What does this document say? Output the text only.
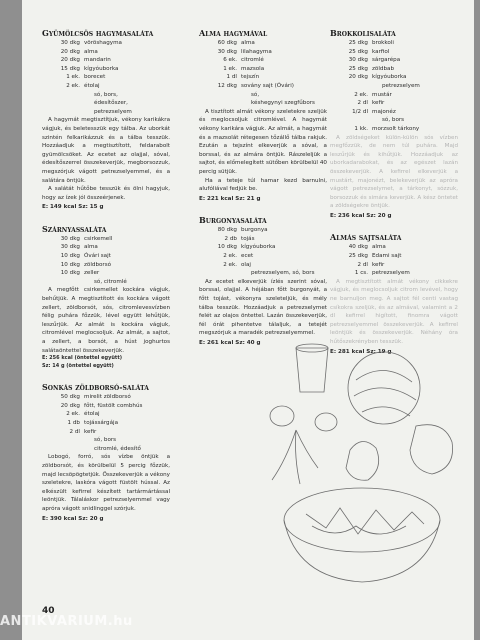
Gyümölcsös hagymasaláta
30 dkg vöröshagyma
20 dkg alma
20 dkg mandarin
15 dkg kígyóuborka
1 ek. borecet
2 ek. étolaj
só, bors,
édesítőszer,
petrezselyem

A hagymát megtisztítjuk, vékony karikákra vágjuk, és beletesszük egy tálba. Az uborkát szintén felkarikázzuk és a tálba tesszük. Hozzáadjuk a megtisztított, feldarabolt gyümölcsöket. Az ecetet az olajjal, sóval, édesítőszerrel összekeverjük, megborsozzuk, megszórjuk vágott petrezselyemmel, és a salátára öntjük.

A salátát hűtőbe tesszük és ölni hagyjuk, hogy az ízek jól összeérjenek.

E: 149 kcal Sz: 15 g
Szárnyassaláta
30 dkg csirkemell
30 dkg alma
10 dkg Óvári sajt
10 dkg zöldborsó
10 dkg zeller
só, citromlé

A megfőtt csirkemellet kockára vágjuk, behűtjük. A megtisztított és kockára vágott zellert, zöldborsót, sós, citromlevesvízben félig puhára főzzük, lével együtt lehűtjük, leszűrjük. Az almát is kockára vágjuk, citromlével meglocsoljuk. Az almát, a sajtot, a zellert, a borsót, a húst joghurtos salátaöntettel összekeverjük.

E: 256 kcal (öntettel együtt)
Sz: 14 g (öntettel együtt)
Sonkás zöldborsó-saláta
50 dkg mirelit zöldborsó
20 dkg főtt, füstölt combhús
2 ek. étolaj
1 db tojássárgája
2 dl kefir
só, bors
citromlé, édesítő

Lobogó, forró, sós vízbe öntjük a zöldborsót, és körülbelül 5 percig főzzük, majd lecsöpögtetjük. Összekeverjük a vékony szeletekre, laskóra vágott füstölt hússal. Az elkészült kefirrel készített tartármártással leöntjük. Tálaláskor petrezselyemmel vagy apróra vágott snidlinggel szórjuk.

E: 390 kcal Sz: 20 g
Alma hagymával
60 dkg alma
30 dkg lilahagyma
6 ek. citromlé
1 ek. mazsola
1 dl tejszín
12 dkg sovány sajt (Óvári)
só,
késhegynyi szegfűbors

A tisztított almát vékony szeletekre szeljük és meglocsoljuk citromlével. A hagymát vékony karikára vágjuk. Az almát, a hagymát és a mazsolát rétegesen tőzállő tálba rakjuk. Ezután a tejszínt elkeverjük a sóval, a borssal, és az almára öntjük. Rászeleljük a sajtot, és előmelegített sütőben körülbelül 40 percig sütjük.

Ha a teteje túl hamar kezd barnulni, alufóliával fedjük be.

E: 221 kcal Sz: 21 g
Burgonyasaláta
80 dkg burgonya
2 db tojás
10 dkg kígyóuborka
2 ek. ecet
2 ek. olaj
petrezselyem, só, bors

Az ecetet elkeverjük ízlés szerint sóval, borssal, olajjal. A héjában főtt burgonyát, a főtt tojást, vékonyra szeleteljük, és mély tálba tesszük. Hozzáadjuk a petrezselymet felét az olajos öntettel. Lazán összekeverjük, fél órát pihentetve tálaljuk, a tetejét megszórjuk a maradék petrezselyemmel.

E: 261 kcal Sz: 40 g
Brokkolisaláta
25 dkg brokkoli
25 dkg karfiol
30 dkg sárgarépa
25 dkg zöldbab
20 dkg kígyóuborka
petrezselyem
2 ek. mustár
2 dl kefir
1/2 dl majonéz
só, bors
1 kk. morzsolt tárkony

A zöldségeket külön-külön sós vízben megfőzzük, de nem túl puhára. Majd leszűrjük és kihűtjük. Hozzáadjuk az uborkadarabokat, és az egészet lazán összekeverjük. A kefirrel elkeverjük a mustárt, majonézt, belekeverjük az apróra vágott petrezselymet, a tárkonyt, sózzuk, borsozzuk és simára keverjük. A kész öntetet a zöldségekre öntjük.

E: 236 kcal Sz: 20 g
Almás sajtsaláta
40 dkg alma
25 dkg Edami sajt
2 dl kefir
1 cs. petrezselyem

A megtisztított almát vékony cikkekre vágjuk, és meglocsoljuk citrom levével, hogy ne barnuljon meg. A sajtot fél centi vastag csíkokra szeljük, és az almával, valamint a 2 dl kefirrel higított, finomra vágott petrezselyemmel összekeverjük. A kefirrel leöntjük és összekeverjük. Néhány óra hűtőszekrényben tesszük.

E: 281 kcal Sz: 19 g
40
ANTIKVARIUM.hu
